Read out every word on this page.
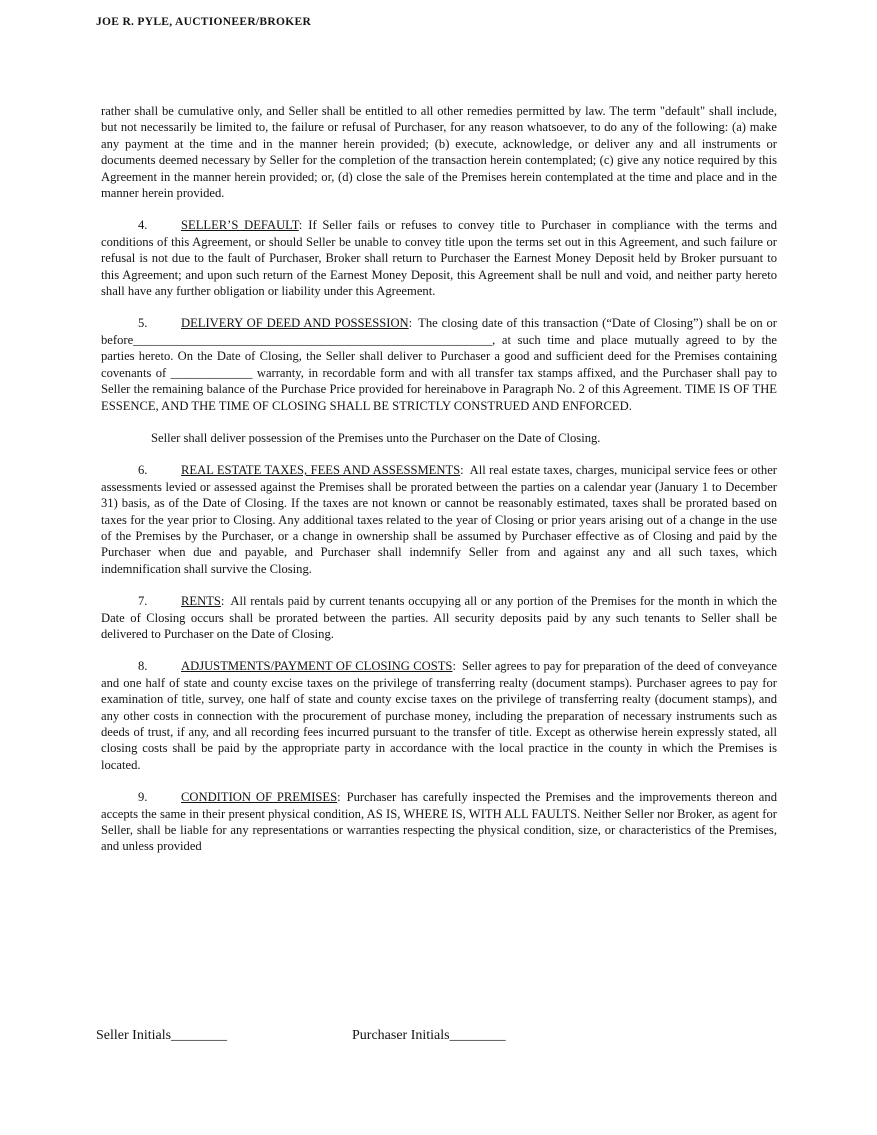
JOE R. PYLE, AUCTIONEER/BROKER

rather shall be cumulative only, and Seller shall be entitled to all other remedies permitted by law. The term "default" shall include, but not necessarily be limited to, the failure or refusal of Purchaser, for any reason whatsoever, to do any of the following: (a) make any payment at the time and in the manner herein provided; (b) execute, acknowledge, or deliver any and all instruments or documents deemed necessary by Seller for the completion of the transaction herein contemplated; (c) give any notice required by this Agreement in the manner herein provided; or, (d) close the sale of the Premises herein contemplated at the time and place and in the manner herein provided.

4.	SELLER’S DEFAULT: If Seller fails or refuses to convey title to Purchaser in compliance with the terms and conditions of this Agreement, or should Seller be unable to convey title upon the terms set out in this Agreement, and such failure or refusal is not due to the fault of Purchaser, Broker shall return to Purchaser the Earnest Money Deposit held by Broker pursuant to this Agreement; and upon such return of the Earnest Money Deposit, this Agreement shall be null and void, and neither party hereto shall have any further obligation or liability under this Agreement.

5.	DELIVERY OF DEED AND POSSESSION: The closing date of this transaction (“Date of Closing”) shall be on or before_________________________________________________________, at such time and place mutually agreed to by the parties hereto. On the Date of Closing, the Seller shall deliver to Purchaser a good and sufficient deed for the Premises containing covenants of _____________ warranty, in recordable form and with all transfer tax stamps affixed, and the Purchaser shall pay to Seller the remaining balance of the Purchase Price provided for hereinabove in Paragraph No. 2 of this Agreement. TIME IS OF THE ESSENCE, AND THE TIME OF CLOSING SHALL BE STRICTLY CONSTRUED AND ENFORCED.

Seller shall deliver possession of the Premises unto the Purchaser on the Date of Closing.

6.	REAL ESTATE TAXES, FEES AND ASSESSMENTS: All real estate taxes, charges, municipal service fees or other assessments levied or assessed against the Premises shall be prorated between the parties on a calendar year (January 1 to December 31) basis, as of the Date of Closing. If the taxes are not known or cannot be reasonably estimated, taxes shall be prorated based on taxes for the year prior to Closing. Any additional taxes related to the year of Closing or prior years arising out of a change in the use of the Premises by the Purchaser, or a change in ownership shall be assumed by Purchaser effective as of Closing and paid by the Purchaser when due and payable, and Purchaser shall indemnify Seller from and against any and all such taxes, which indemnification shall survive the Closing.

7.	RENTS: All rentals paid by current tenants occupying all or any portion of the Premises for the month in which the Date of Closing occurs shall be prorated between the parties. All security deposits paid by any such tenants to Seller shall be delivered to Purchaser on the Date of Closing.

8.	ADJUSTMENTS/PAYMENT OF CLOSING COSTS: Seller agrees to pay for preparation of the deed of conveyance and one half of state and county excise taxes on the privilege of transferring realty (document stamps). Purchaser agrees to pay for examination of title, survey, one half of state and county excise taxes on the privilege of transferring realty (document stamps), and any other costs in connection with the procurement of purchase money, including the preparation of necessary instruments such as deeds of trust, if any, and all recording fees incurred pursuant to the transfer of title. Except as otherwise herein expressly stated, all closing costs shall be paid by the appropriate party in accordance with the local practice in the county in which the Premises is located.

9.	CONDITION OF PREMISES: Purchaser has carefully inspected the Premises and the improvements thereon and accepts the same in their present physical condition, AS IS, WHERE IS, WITH ALL FAULTS. Neither Seller nor Broker, as agent for Seller, shall be liable for any representations or warranties respecting the physical condition, size, or characteristics of the Premises, and unless provided

Seller Initials________	Purchaser Initials________
